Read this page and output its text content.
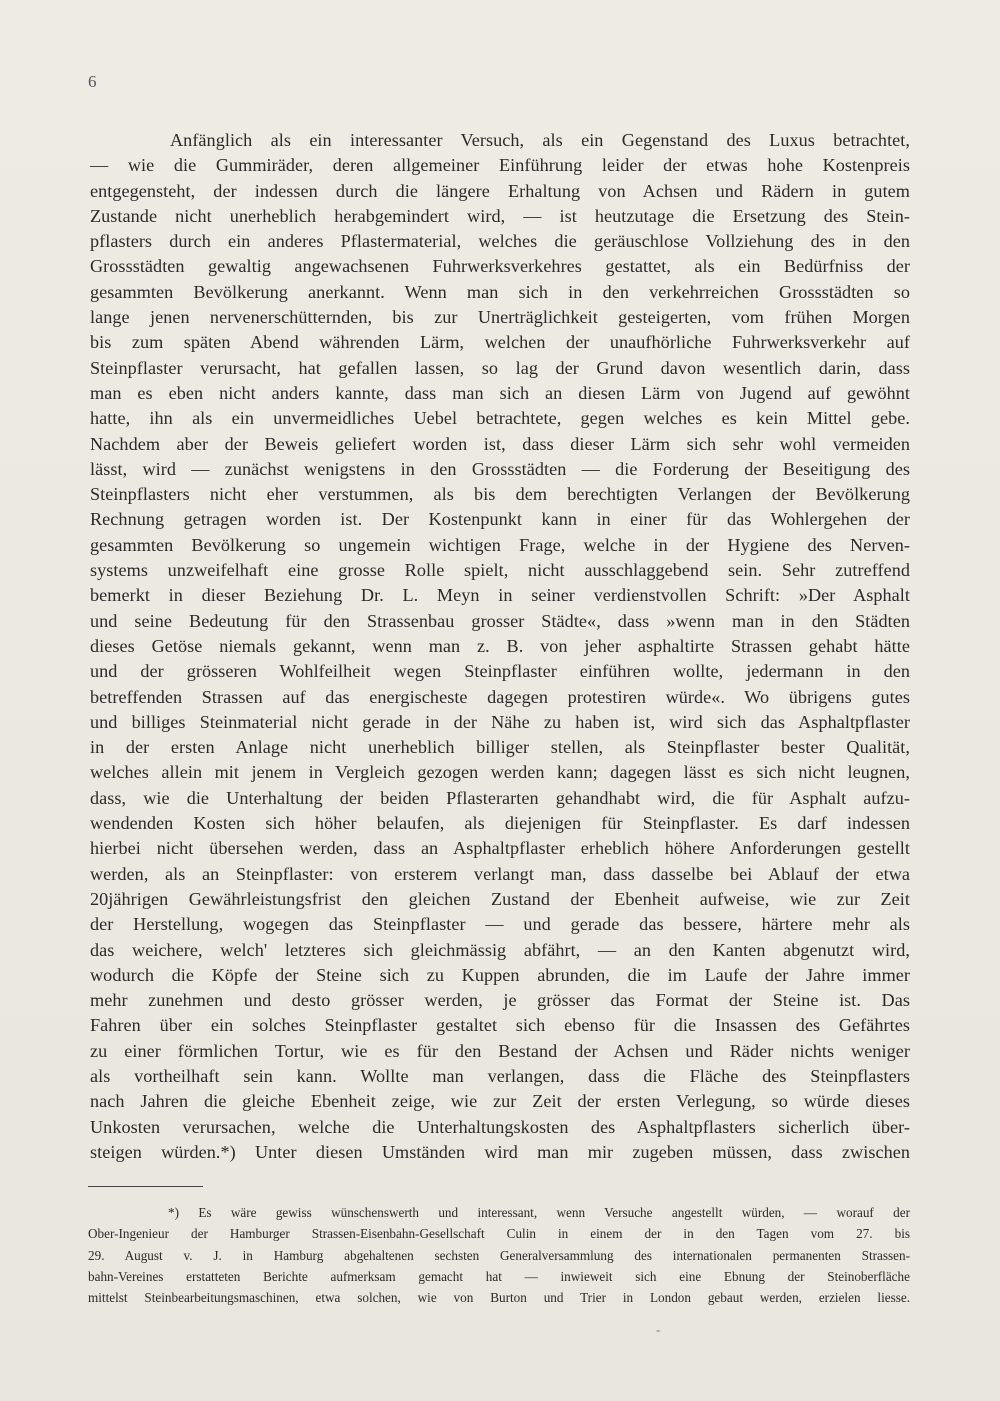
6
Anfänglich als ein interessanter Versuch, als ein Gegenstand des Luxus betrachtet,
— wie die Gummiräder, deren allgemeiner Einführung leider der etwas hohe Kostenpreis
entgegensteht, der indessen durch die längere Erhaltung von Achsen und Rädern in gutem
Zustande nicht unerheblich herabgemindert wird, — ist heutzutage die Ersetzung des Stein-
pflasters durch ein anderes Pflastermaterial, welches die geräuschlose Vollziehung des in den
Grossstädten gewaltig angewachsenen Fuhrwerksverkehres gestattet, als ein Bedürfniss der
gesammten Bevölkerung anerkannt. Wenn man sich in den verkehrreichen Grossstädten so
lange jenen nervenerschütternden, bis zur Unerträglichkeit gesteigerten, vom frühen Morgen
bis zum späten Abend währenden Lärm, welchen der unaufhörliche Fuhrwerksverkehr auf
Steinpflaster verursacht, hat gefallen lassen, so lag der Grund davon wesentlich darin, dass
man es eben nicht anders kannte, dass man sich an diesen Lärm von Jugend auf gewöhnt
hatte, ihn als ein unvermeidliches Uebel betrachtete, gegen welches es kein Mittel gebe.
Nachdem aber der Beweis geliefert worden ist, dass dieser Lärm sich sehr wohl vermeiden
lässt, wird — zunächst wenigstens in den Grossstädten — die Forderung der Beseitigung des
Steinpflasters nicht eher verstummen, als bis dem berechtigten Verlangen der Bevölkerung
Rechnung getragen worden ist. Der Kostenpunkt kann in einer für das Wohlergehen der
gesammten Bevölkerung so ungemein wichtigen Frage, welche in der Hygiene des Nerven-
systems unzweifelhaft eine grosse Rolle spielt, nicht ausschlaggebend sein. Sehr zutreffend
bemerkt in dieser Beziehung Dr. L. Meyn in seiner verdienstvollen Schrift: »Der Asphalt
und seine Bedeutung für den Strassenbau grosser Städte«, dass »wenn man in den Städten
dieses Getöse niemals gekannt, wenn man z. B. von jeher asphaltirte Strassen gehabt hätte
und der grösseren Wohlfeilheit wegen Steinpflaster einführen wollte, jedermann in den
betreffenden Strassen auf das energischeste dagegen protestiren würde«. Wo übrigens gutes
und billiges Steinmaterial nicht gerade in der Nähe zu haben ist, wird sich das Asphaltpflaster
in der ersten Anlage nicht unerheblich billiger stellen, als Steinpflaster bester Qualität,
welches allein mit jenem in Vergleich gezogen werden kann; dagegen lässt es sich nicht leugnen,
dass, wie die Unterhaltung der beiden Pflasterarten gehandhabt wird, die für Asphalt aufzu-
wendenden Kosten sich höher belaufen, als diejenigen für Steinpflaster. Es darf indessen
hierbei nicht übersehen werden, dass an Asphaltpflaster erheblich höhere Anforderungen gestellt
werden, als an Steinpflaster: von ersterem verlangt man, dass dasselbe bei Ablauf der etwa
20jährigen Gewährleistungsfrist den gleichen Zustand der Ebenheit aufweise, wie zur Zeit
der Herstellung, wogegen das Steinpflaster — und gerade das bessere, härtere mehr als
das weichere, welch' letzteres sich gleichmässig abfährt, — an den Kanten abgenutzt wird,
wodurch die Köpfe der Steine sich zu Kuppen abrunden, die im Laufe der Jahre immer
mehr zunehmen und desto grösser werden, je grösser das Format der Steine ist. Das
Fahren über ein solches Steinpflaster gestaltet sich ebenso für die Insassen des Gefährtes
zu einer förmlichen Tortur, wie es für den Bestand der Achsen und Räder nichts weniger
als vortheilhaft sein kann. Wollte man verlangen, dass die Fläche des Steinpflasters
nach Jahren die gleiche Ebenheit zeige, wie zur Zeit der ersten Verlegung, so würde dieses
Unkosten verursachen, welche die Unterhaltungskosten des Asphaltpflasters sicherlich über-
steigen würden.*) Unter diesen Umständen wird man mir zugeben müssen, dass zwischen
*) Es wäre gewiss wünschenswerth und interessant, wenn Versuche angestellt würden, — worauf der
Ober-Ingenieur der Hamburger Strassen-Eisenbahn-Gesellschaft Culin in einem der in den Tagen vom 27. bis
29. August v. J. in Hamburg abgehaltenen sechsten Generalversammlung des internationalen permanenten Strassen-
bahn-Vereines erstatteten Berichte aufmerksam gemacht hat — inwieweit sich eine Ebnung der Steinoberfläche
mittelst Steinbearbeitungsmaschinen, etwa solchen, wie von Burton und Trier in London gebaut werden, erzielen liesse.
-
